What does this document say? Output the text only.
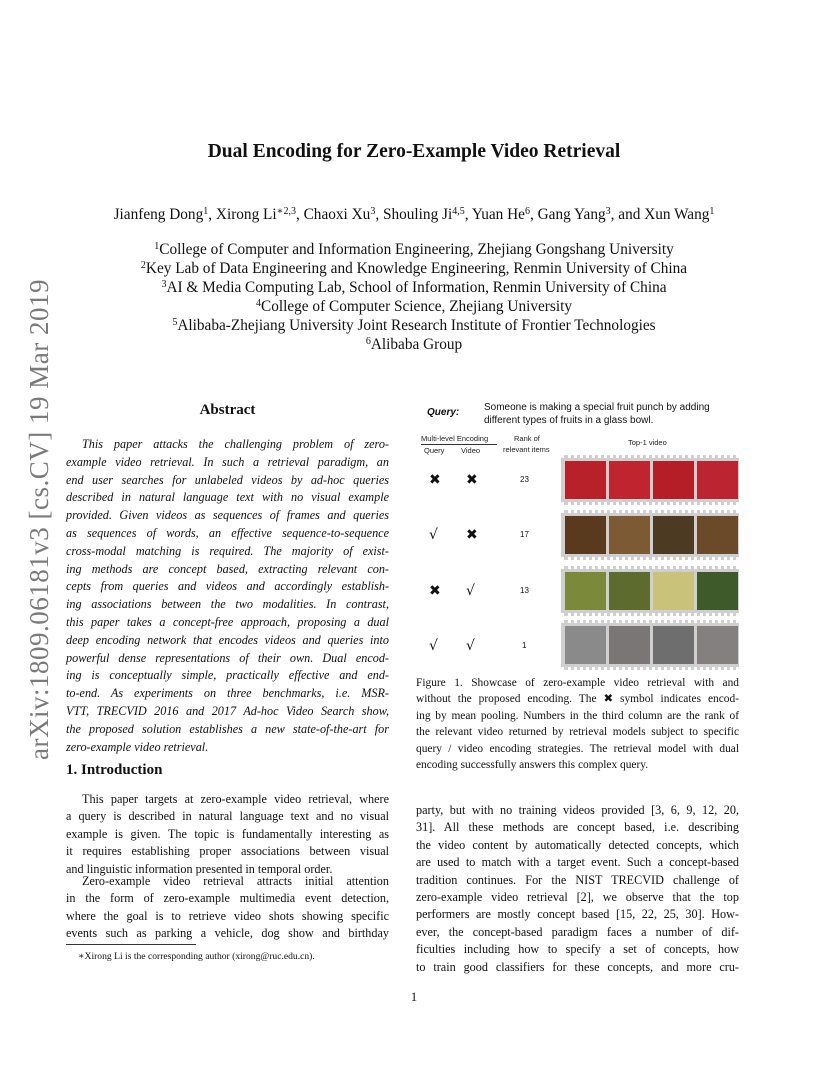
arXiv:1809.06181v3 [cs.CV] 19 Mar 2019
Dual Encoding for Zero-Example Video Retrieval
Jianfeng Dong$^1$, Xirong $Li^{∗2,3}$, Chaoxi Xu$^3$, Shouling Ji$^{4,5}$, Yuan He$^6$, Gang Yang$^3$, and Xun Wang$^1$
$^1$College of Computer and Information Engineering, Zhejiang Gongshang University
$^2$Key Lab of Data Engineering and Knowledge Engineering, Renmin University of China
$^3$AI & Media Computing Lab, School of Information, Renmin University of China
$^4$College of Computer Science, Zhejiang University
$^5$Alibaba-Zhejiang University Joint Research Institute of Frontier Technologies
$^6$Alibaba Group
Abstract
This paper attacks the challenging problem of zero-
example video retrieval. In such a retrieval paradigm, an
end user searches for unlabeled videos by ad-hoc queries
described in natural language text with no visual example
provided. Given videos as sequences of frames and queries
as sequences of words, an effective sequence-to-sequence
cross-modal matching is required. The majority of exist-
ing methods are concept based, extracting relevant con-
cepts from queries and videos and accordingly establish-
ing associations between the two modalities. In contrast,
this paper takes a concept-free approach, proposing a dual
deep encoding network that encodes videos and queries into
powerful dense representations of their own. Dual encod-
ing is conceptually simple, practically effective and end-
to-end. As experiments on three benchmarks, i.e. MSR-
VTT, TRECVID 2016 and 2017 Ad-hoc Video Search show,
the proposed solution establishes a new state-of-the-art for
zero-example video retrieval.
1. Introduction
This paper targets at zero-example video retrieval, where
a query is described in natural language text and no visual
example is given. The topic is fundamentally interesting as
it requires establishing proper associations between visual
and linguistic information presented in temporal order.
Zero-example video retrieval attracts initial attention
in the form of zero-example multimedia event detection,
where the goal is to retrieve video shots showing specific
events such as parking a vehicle, dog show and birthday
party, but with no training videos provided [3, 6, 9, 12, 20,
31]. All these methods are concept based, i.e. describing
the video content by automatically detected concepts, which
are used to match with a target event. Such a concept-based
tradition continues. For the NIST TRECVID challenge of
zero-example video retrieval [2], we observe that the top
performers are mostly concept based [15, 22, 25, 30]. How-
ever, the concept-based paradigm faces a number of dif-
ficulties including how to specify a set of concepts, how
to train good classifiers for these concepts, and more cru-
∗Xirong Li is the corresponding author (xirong@ruc.edu.cn).
1
Query: Someone is making a special fruit punch by adding different types of fruits in a glass bowl.
Multi-level Encoding
Query Video
Rank of
relevant items
Top-1 video
✖ ✖	23
√ ✖	17
✖ √	13
√ √	1
Figure 1. Showcase of zero-example video retrieval with and
without the proposed encoding. The ✖ symbol indicates encod-
ing by mean pooling. Numbers in the third column are the rank of
the relevant video returned by retrieval models subject to specific
query / video encoding strategies. The retrieval model with dual
encoding successfully answers this complex query.
